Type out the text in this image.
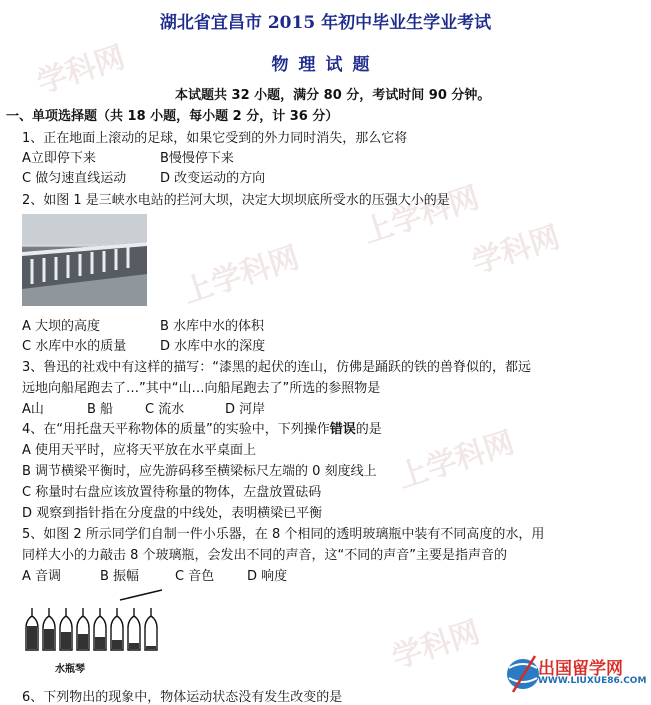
学科网
上学科网
学科网
上学科网
学科网
上学科网
湖北省宜昌市 2015 年初中毕业生学业考试
物理试题
本试题共 32 小题，满分 80 分，考试时间 90 分钟。
一、单项选择题（共 18 小题，每小题 2 分，计 36 分）
1、正在地面上滚动的足球，如果它受到的外力同时消失，那么它将
A立即停下来	B慢慢停下来
C 做匀速直线运动	D 改变运动的方向
2、如图 1 是三峡水电站的拦河大坝，决定大坝坝底所受水的压强大小的是
A 大坝的高度	B 水库中水的体积
C 水库中水的质量	D 水库中水的深度
3、鲁迅的社戏中有这样的描写：“漆黑的起伏的连山，仿佛是踊跃的铁的兽脊似的，都远
远地向船尾跑去了…”其中“山…向船尾跑去了”所选的参照物是
A山	B 船 C 流水	D 河岸
4、在“用托盘天平称物体的质量”的实验中，下列操作错误的是
A 使用天平时，应将天平放在水平桌面上
B 调节横梁平衡时，应先游码移至横梁标尺左端的 0 刻度线上
C 称量时右盘应该放置待称量的物体，左盘放置砝码
D 观察到指针指在分度盘的中线处，表明横梁已平衡
5、如图 2 所示同学们自制一件小乐器，在 8 个相同的透明玻璃瓶中装有不同高度的水，用
同样大小的力敲击 8 个玻璃瓶，会发出不同的声音，这“不同的声音”主要是指声音的
A 音调	B 振幅	C 音色	D 响度
水瓶琴
6、下列物出的现象中，物体运动状态没有发生改变的是
出国留学网
WWW.LIUXUE86.COM
